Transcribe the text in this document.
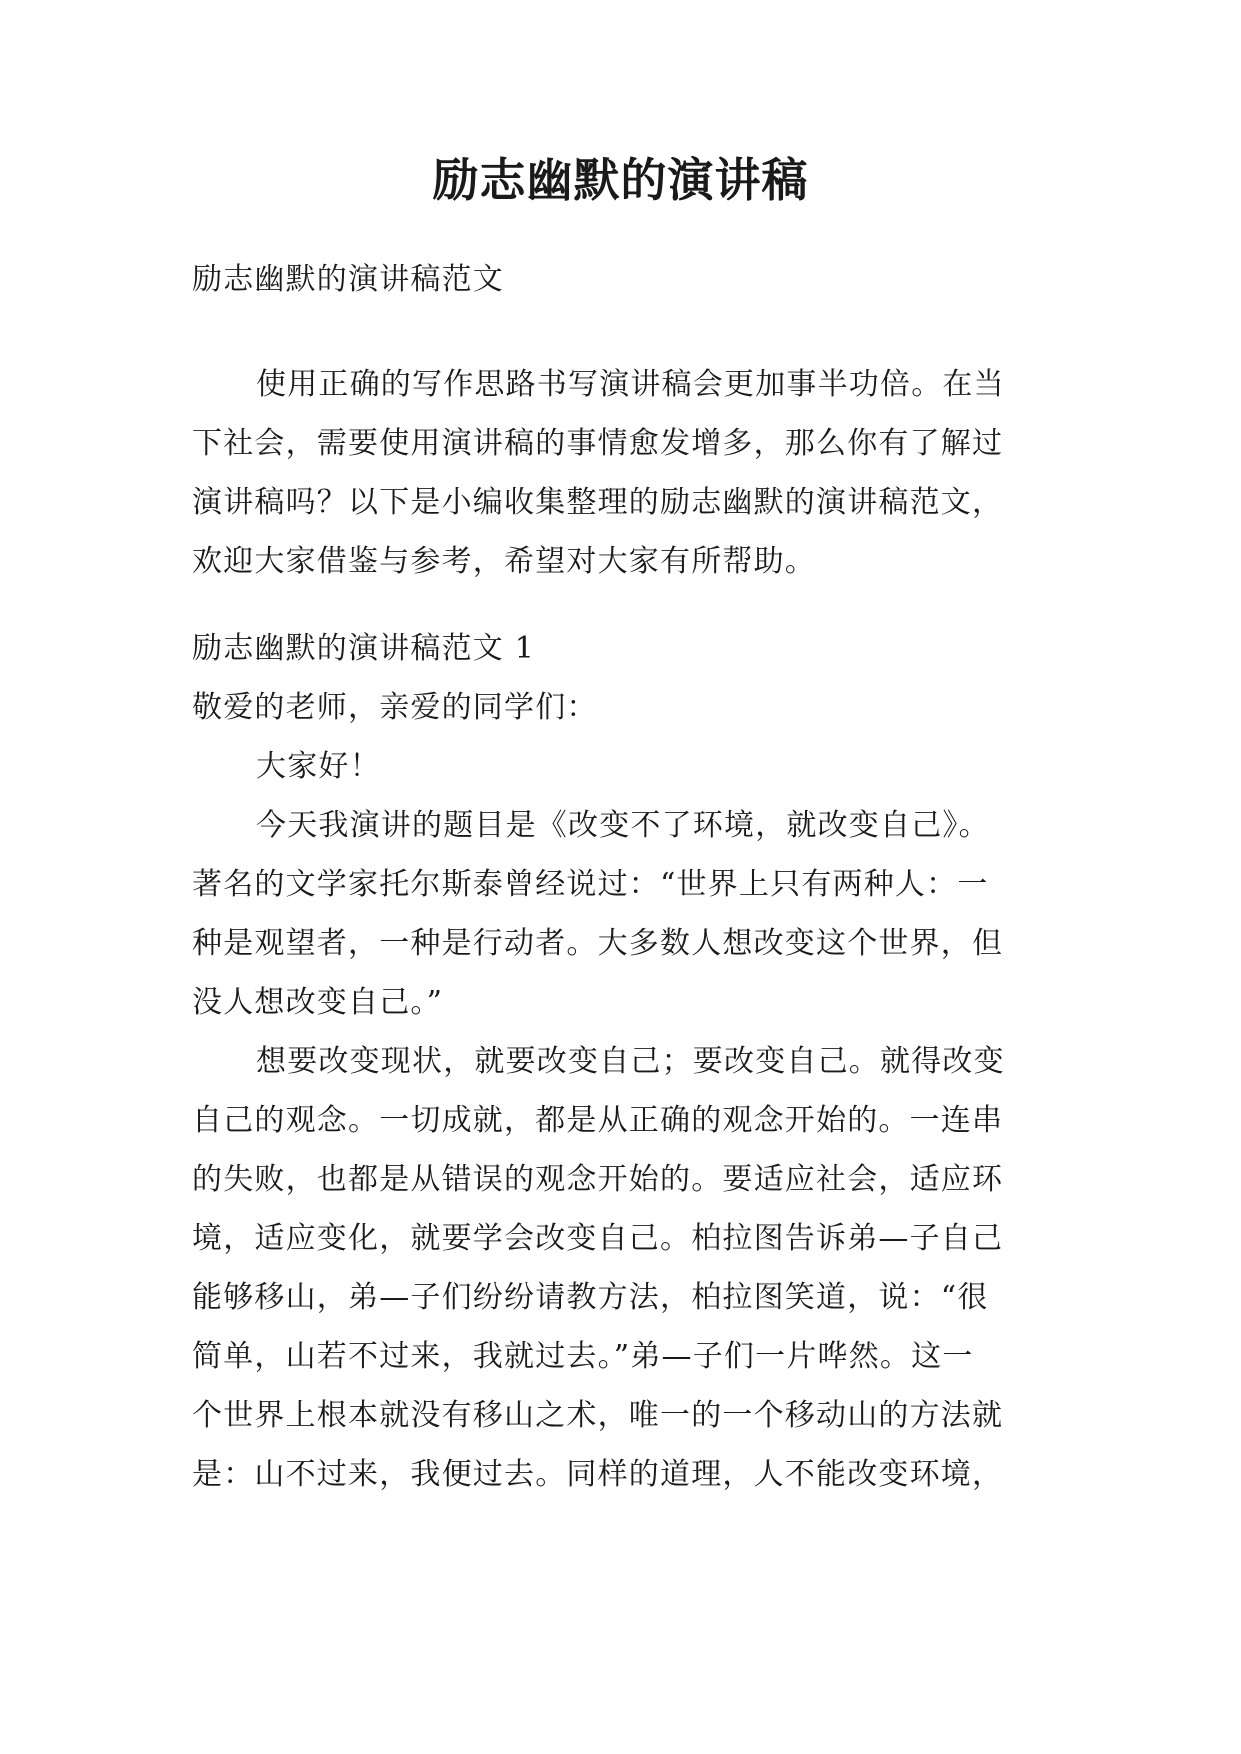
励志幽默的演讲稿
励志幽默的演讲稿范文
使用正确的写作思路书写演讲稿会更加事半功倍。在当
下社会，需要使用演讲稿的事情愈发增多，那么你有了解过
演讲稿吗？以下是小编收集整理的励志幽默的演讲稿范文，
欢迎大家借鉴与参考，希望对大家有所帮助。
励志幽默的演讲稿范文 1
敬爱的老师，亲爱的同学们：
大家好！
今天我演讲的题目是《改变不了环境，就改变自己》。
著名的文学家托尔斯泰曾经说过：“世界上只有两种人：一
种是观望者，一种是行动者。大多数人想改变这个世界，但
没人想改变自己。”
想要改变现状，就要改变自己；要改变自己。就得改变
自己的观念。一切成就，都是从正确的观念开始的。一连串
的失败，也都是从错误的观念开始的。要适应社会，适应环
境，适应变化，就要学会改变自己。柏拉图告诉弟—子自己
能够移山，弟—子们纷纷请教方法，柏拉图笑道，说：“很
简单，山若不过来，我就过去。”弟—子们一片哗然。这一
个世界上根本就没有移山之术，唯一的一个移动山的方法就
是：山不过来，我便过去。同样的道理，人不能改变环境，
